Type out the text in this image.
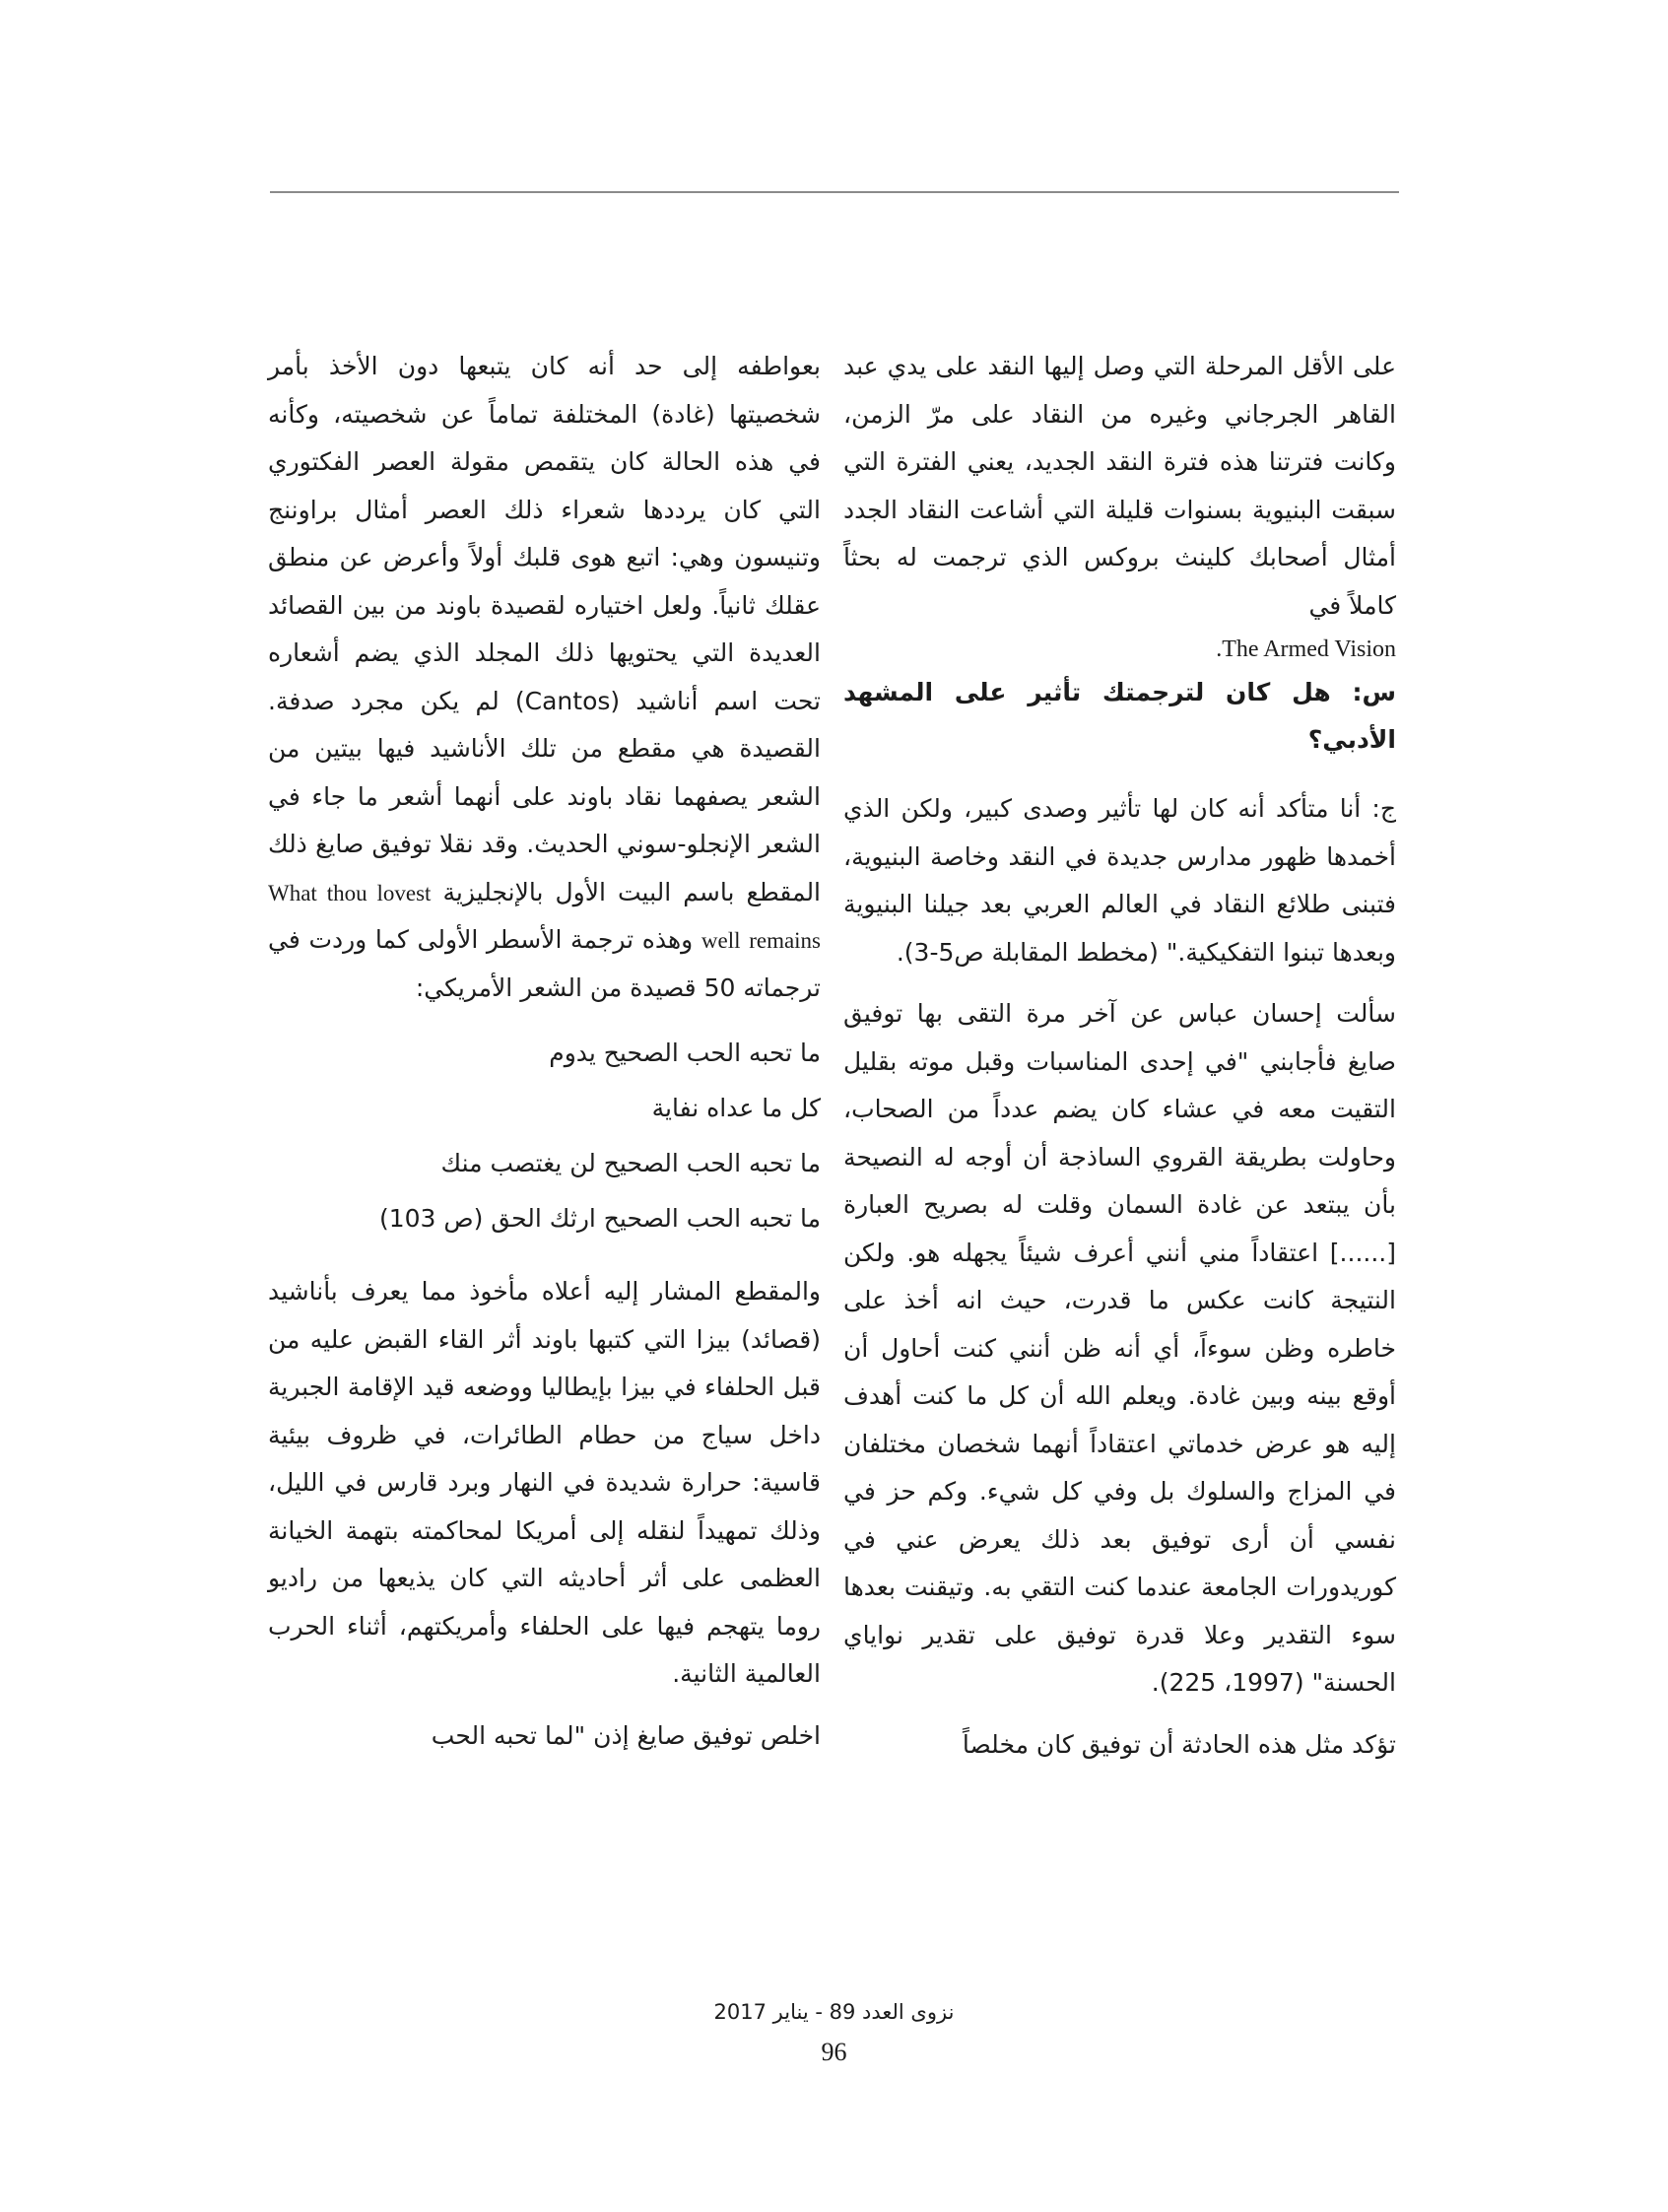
على الأقل المرحلة التي وصل إليها النقد على يدي عبد القاهر الجرجاني وغيره من النقاد على مرّ الزمن، وكانت فترتنا هذه فترة النقد الجديد، يعني الفترة التي سبقت البنيوية بسنوات قليلة التي أشاعت النقاد الجدد أمثال أصحابك كلينث بروكس الذي ترجمت له بحثاً كاملاً في

The Armed Vision.

س: هل كان لترجمتك تأثير على المشهد الأدبي؟

ج: أنا متأكد أنه كان لها تأثير وصدى كبير، ولكن الذي أخمدها ظهور مدارس جديدة في النقد وخاصة البنيوية، فتبنى طلائع النقاد في العالم العربي بعد جيلنا البنيوية وبعدها تبنوا التفكيكية." (مخطط المقابلة ص5-3).

سألت إحسان عباس عن آخر مرة التقى بها توفيق صايغ فأجابني "في إحدى المناسبات وقبل موته بقليل التقيت معه في عشاء كان يضم عدداً من الصحاب، وحاولت بطريقة القروي الساذجة أن أوجه له النصيحة بأن يبتعد عن غادة السمان وقلت له بصريح العبارة [......] اعتقاداً مني أنني أعرف شيئاً يجهله هو. ولكن النتيجة كانت عكس ما قدرت، حيث انه أخذ على خاطره وظن سوءاً، أي أنه ظن أنني كنت أحاول أن أوقع بينه وبين غادة. ويعلم الله أن كل ما كنت أهدف إليه هو عرض خدماتي اعتقاداً أنهما شخصان مختلفان في المزاج والسلوك بل وفي كل شيء. وكم حز في نفسي أن أرى توفيق بعد ذلك يعرض عني في كوريدورات الجامعة عندما كنت التقي به. وتيقنت بعدها سوء التقدير وعلا قدرة توفيق على تقدير نواياي الحسنة" (1997، 225).

تؤكد مثل هذه الحادثة أن توفيق كان مخلصاً

بعواطفه إلى حد أنه كان يتبعها دون الأخذ بأمر شخصيتها (غادة) المختلفة تماماً عن شخصيته، وكأنه في هذه الحالة كان يتقمص مقولة العصر الفكتوري التي كان يرددها شعراء ذلك العصر أمثال براوننج وتنيسون وهي: اتبع هوى قلبك أولاً وأعرض عن منطق عقلك ثانياً. ولعل اختياره لقصيدة باوند من بين القصائد العديدة التي يحتويها ذلك المجلد الذي يضم أشعاره تحت اسم أناشيد (Cantos) لم يكن مجرد صدفة. القصيدة هي مقطع من تلك الأناشيد فيها بيتين من الشعر يصفهما نقاد باوند على أنهما أشعر ما جاء في الشعر الإنجلو-سوني الحديث. وقد نقلا توفيق صايغ ذلك المقطع باسم البيت الأول بالإنجليزية What thou lovest well remains وهذه ترجمة الأسطر الأولى كما وردت في ترجماته 50 قصيدة من الشعر الأمريكي:

ما تحبه الحب الصحيح يدوم

كل ما عداه نفاية

ما تحبه الحب الصحيح لن يغتصب منك

ما تحبه الحب الصحيح ارثك الحق (ص 103)

والمقطع المشار إليه أعلاه مأخوذ مما يعرف بأناشيد (قصائد) بيزا التي كتبها باوند أثر القاء القبض عليه من قبل الحلفاء في بيزا بإيطاليا ووضعه قيد الإقامة الجبرية داخل سياج من حطام الطائرات، في ظروف بيئية قاسية: حرارة شديدة في النهار وبرد قارس في الليل، وذلك تمهيداً لنقله إلى أمريكا لمحاكمته بتهمة الخيانة العظمى على أثر أحاديثه التي كان يذيعها من راديو روما يتهجم فيها على الحلفاء وأمريكتهم، أثناء الحرب العالمية الثانية.

اخلص توفيق صايغ إذن "لما تحبه الحب

نزوى العدد 89 - يناير 2017
96
